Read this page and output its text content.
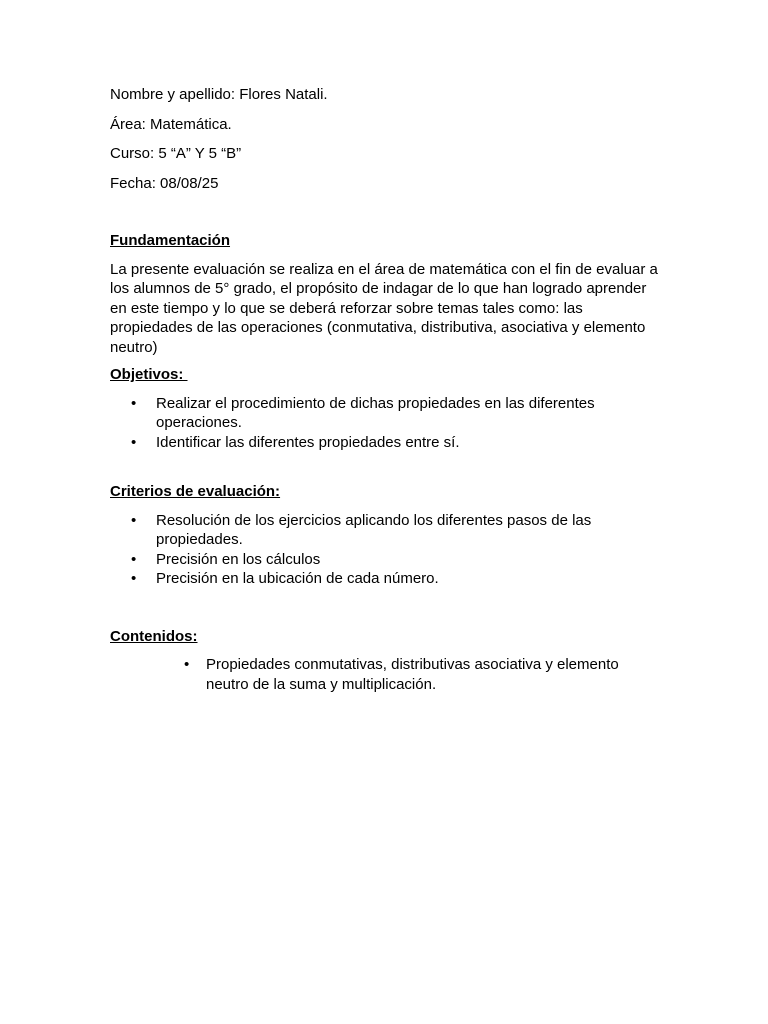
Nombre y apellido: Flores Natali.

Área: Matemática.

Curso: 5 “A” Y 5 “B”

Fecha: 08/08/25

Fundamentación

La presente evaluación se realiza en el área de matemática con el fin de evaluar a los alumnos de 5° grado, el propósito de indagar de lo que han logrado aprender en este tiempo y lo que se deberá reforzar sobre temas tales como: las propiedades de las operaciones (conmutativa, distributiva, asociativa y elemento neutro)

Objetivos:

• Realizar el procedimiento de dichas propiedades en las diferentes operaciones.
• Identificar las diferentes propiedades entre sí.

Criterios de evaluación:

• Resolución de los ejercicios aplicando los diferentes pasos de las propiedades.
• Precisión en los cálculos
• Precisión en la ubicación de cada número.

Contenidos:

• Propiedades conmutativas, distributivas asociativa y elemento neutro de la suma y multiplicación.
